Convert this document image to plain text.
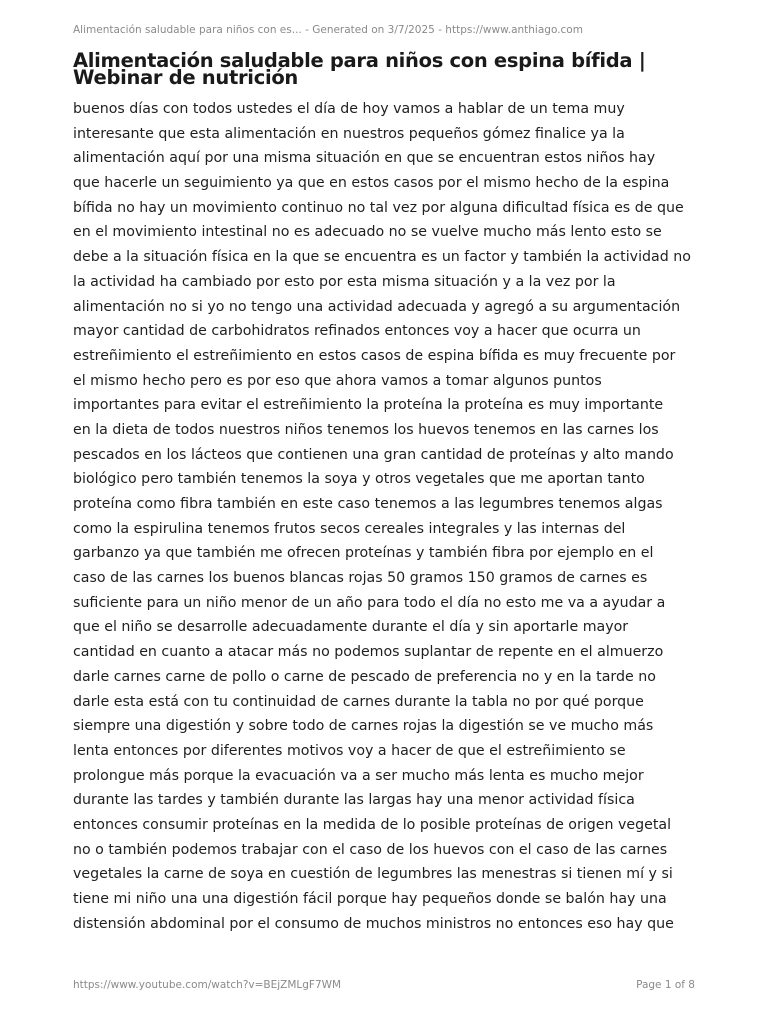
Alimentación saludable para niños con es... - Generated on 3/7/2025 - https://www.anthiago.com
Alimentación saludable para niños con espina bífida |
Webinar de nutrición
buenos días con todos ustedes el día de hoy vamos a hablar de un tema muy
interesante que esta alimentación en nuestros pequeños gómez finalice ya la
alimentación aquí por una misma situación en que se encuentran estos niños hay
que hacerle un seguimiento ya que en estos casos por el mismo hecho de la espina
bífida no hay un movimiento continuo no tal vez por alguna dificultad física es de que
en el movimiento intestinal no es adecuado no se vuelve mucho más lento esto se
debe a la situación física en la que se encuentra es un factor y también la actividad no
la actividad ha cambiado por esto por esta misma situación y a la vez por la
alimentación no si yo no tengo una actividad adecuada y agregó a su argumentación
mayor cantidad de carbohidratos refinados entonces voy a hacer que ocurra un
estreñimiento el estreñimiento en estos casos de espina bífida es muy frecuente por
el mismo hecho pero es por eso que ahora vamos a tomar algunos puntos
importantes para evitar el estreñimiento la proteína la proteína es muy importante
en la dieta de todos nuestros niños tenemos los huevos tenemos en las carnes los
pescados en los lácteos que contienen una gran cantidad de proteínas y alto mando
biológico pero también tenemos la soya y otros vegetales que me aportan tanto
proteína como fibra también en este caso tenemos a las legumbres tenemos algas
como la espirulina tenemos frutos secos cereales integrales y las internas del
garbanzo ya que también me ofrecen proteínas y también fibra por ejemplo en el
caso de las carnes los buenos blancas rojas 50 gramos 150 gramos de carnes es
suficiente para un niño menor de un año para todo el día no esto me va a ayudar a
que el niño se desarrolle adecuadamente durante el día y sin aportarle mayor
cantidad en cuanto a atacar más no podemos suplantar de repente en el almuerzo
darle carnes carne de pollo o carne de pescado de preferencia no y en la tarde no
darle esta está con tu continuidad de carnes durante la tabla no por qué porque
siempre una digestión y sobre todo de carnes rojas la digestión se ve mucho más
lenta entonces por diferentes motivos voy a hacer de que el estreñimiento se
prolongue más porque la evacuación va a ser mucho más lenta es mucho mejor
durante las tardes y también durante las largas hay una menor actividad física
entonces consumir proteínas en la medida de lo posible proteínas de origen vegetal
no o también podemos trabajar con el caso de los huevos con el caso de las carnes
vegetales la carne de soya en cuestión de legumbres las menestras si tienen mí y si
tiene mi niño una una digestión fácil porque hay pequeños donde se balón hay una
distensión abdominal por el consumo de muchos ministros no entonces eso hay que
https://www.youtube.com/watch?v=BEjZMLgF7WM	Page 1 of 8
